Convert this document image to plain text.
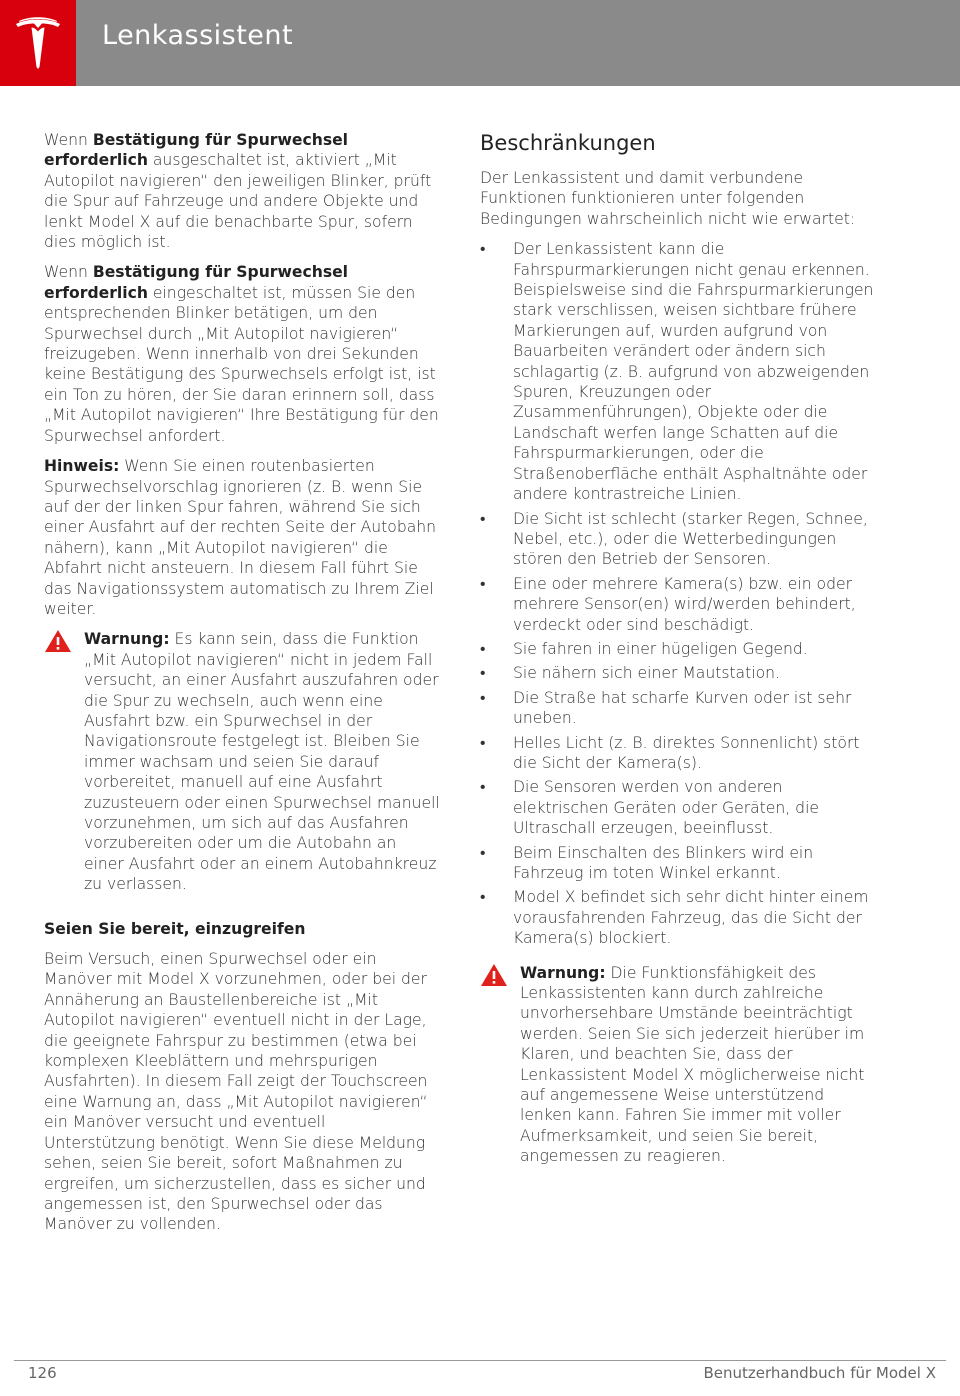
Lenkassistent

Wenn Bestätigung für Spurwechsel erforderlich ausgeschaltet ist, aktiviert „Mit Autopilot navigieren“ den jeweiligen Blinker, prüft die Spur auf Fahrzeuge und andere Objekte und lenkt Model X auf die benachbarte Spur, sofern dies möglich ist.

Wenn Bestätigung für Spurwechsel erforderlich eingeschaltet ist, müssen Sie den entsprechenden Blinker betätigen, um den Spurwechsel durch „Mit Autopilot navigieren“ freizugeben. Wenn innerhalb von drei Sekunden keine Bestätigung des Spurwechsels erfolgt ist, ist ein Ton zu hören, der Sie daran erinnern soll, dass „Mit Autopilot navigieren“ Ihre Bestätigung für den Spurwechsel anfordert.

Hinweis: Wenn Sie einen routenbasierten Spurwechselvorschlag ignorieren (z. B. wenn Sie auf der der linken Spur fahren, während Sie sich einer Ausfahrt auf der rechten Seite der Autobahn nähern), kann „Mit Autopilot navigieren“ die Abfahrt nicht ansteuern. In diesem Fall führt Sie das Navigationssystem automatisch zu Ihrem Ziel weiter.

Warnung: Es kann sein, dass die Funktion „Mit Autopilot navigieren“ nicht in jedem Fall versucht, an einer Ausfahrt auszufahren oder die Spur zu wechseln, auch wenn eine Ausfahrt bzw. ein Spurwechsel in der Navigationsroute festgelegt ist. Bleiben Sie immer wachsam und seien Sie darauf vorbereitet, manuell auf eine Ausfahrt zuzusteuern oder einen Spurwechsel manuell vorzunehmen, um sich auf das Ausfahren vorzubereiten oder um die Autobahn an einer Ausfahrt oder an einem Autobahnkreuz zu verlassen.
Seien Sie bereit, einzugreifen

Beim Versuch, einen Spurwechsel oder ein Manöver mit Model X vorzunehmen, oder bei der Annäherung an Baustellenbereiche ist „Mit Autopilot navigieren“ eventuell nicht in der Lage, die geeignete Fahrspur zu bestimmen (etwa bei komplexen Kleeblättern und mehrspurigen Ausfahrten). In diesem Fall zeigt der Touchscreen eine Warnung an, dass „Mit Autopilot navigieren“ ein Manöver versucht und eventuell Unterstützung benötigt. Wenn Sie diese Meldung sehen, seien Sie bereit, sofort Maßnahmen zu ergreifen, um sicherzustellen, dass es sicher und angemessen ist, den Spurwechsel oder das Manöver zu vollenden.

Beschränkungen

Der Lenkassistent und damit verbundene Funktionen funktionieren unter folgenden Bedingungen wahrscheinlich nicht wie erwartet:

• Der Lenkassistent kann die Fahrspurmarkierungen nicht genau erkennen. Beispielsweise sind die Fahrspurmarkierungen stark verschlissen, weisen sichtbare frühere Markierungen auf, wurden aufgrund von Bauarbeiten verändert oder ändern sich schlagartig (z. B. aufgrund von abzweigenden Spuren, Kreuzungen oder Zusammenführungen), Objekte oder die Landschaft werfen lange Schatten auf die Fahrspurmarkierungen, oder die Straßenoberfläche enthält Asphaltnähte oder andere kontrastreiche Linien.
• Die Sicht ist schlecht (starker Regen, Schnee, Nebel, etc.), oder die Wetterbedingungen stören den Betrieb der Sensoren.
• Eine oder mehrere Kamera(s) bzw. ein oder mehrere Sensor(en) wird/werden behindert, verdeckt oder sind beschädigt.
• Sie fahren in einer hügeligen Gegend.
• Sie nähern sich einer Mautstation.
• Die Straße hat scharfe Kurven oder ist sehr uneben.
• Helles Licht (z. B. direktes Sonnenlicht) stört die Sicht der Kamera(s).
• Die Sensoren werden von anderen elektrischen Geräten oder Geräten, die Ultraschall erzeugen, beeinflusst.
• Beim Einschalten des Blinkers wird ein Fahrzeug im toten Winkel erkannt.
• Model X befindet sich sehr dicht hinter einem vorausfahrenden Fahrzeug, das die Sicht der Kamera(s) blockiert.
Warnung: Die Funktionsfähigkeit des Lenkassistenten kann durch zahlreiche unvorhersehbare Umstände beeinträchtigt werden. Seien Sie sich jederzeit hierüber im Klaren, und beachten Sie, dass der Lenkassistent Model X möglicherweise nicht auf angemessene Weise unterstützend lenken kann. Fahren Sie immer mit voller Aufmerksamkeit, und seien Sie bereit, angemessen zu reagieren.
126	Benutzerhandbuch für Model X
